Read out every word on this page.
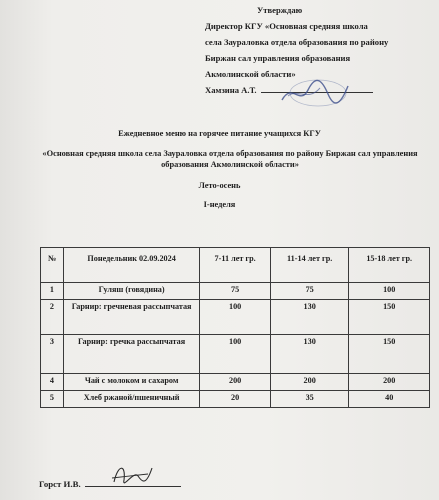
Утверждаю
Директор КГУ «Основная средняя школа
села Зауралoвка отдела образования по району
Биржан сал управления образования
Акмолинской области»
Хамзина А.Т.
Ежедневное меню на горячее питание учащихся КГУ
«Основная средняя школа села Зауралoвка отдела образования по району Биржан сал управления образования Акмолинской области»
Лето-осень
I-неделя
№	Понедельник 02.09.2024	7-11 лет гр.	11-14 лет гр.	15-18 лет гр.
1	Гуляш (говядина)	75	75	100
2	Гарнир: гречневая рассыпчатая	100	130	150
3	Гарнир: гречка рассыпчатая	100	130	150
4	Чай с молоком и сахаром	200	200	200
5	Хлеб ржаной/пшеничный	20	35	40
Горст И.В.
